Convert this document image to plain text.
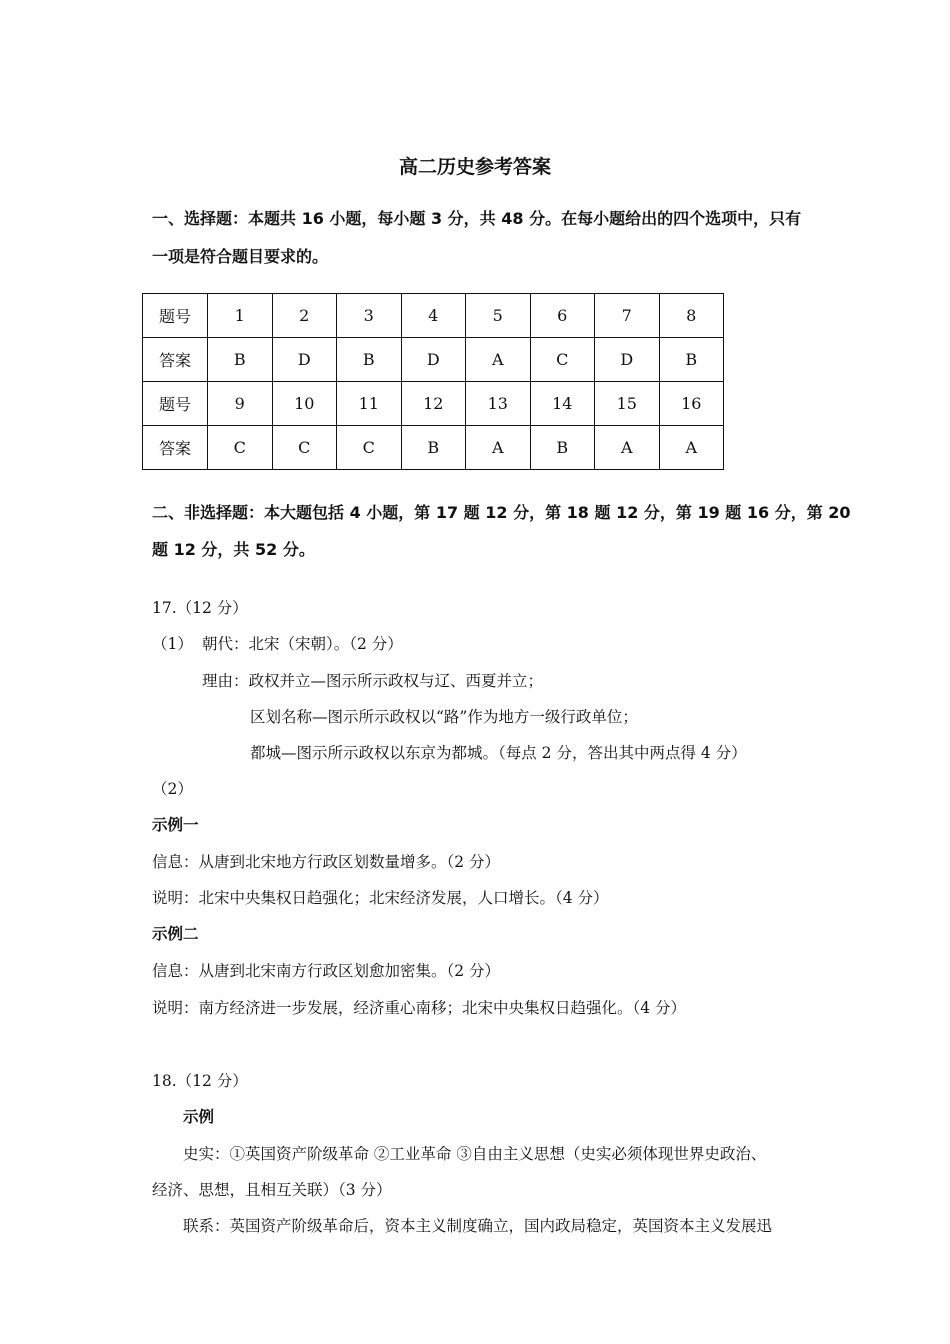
高二历史参考答案
一、选择题：本题共 16 小题，每小题 3 分，共 48 分。在每小题给出的四个选项中，只有
一项是符合题目要求的。
题号	1	2	3	4	5	6	7	8
答案	B	D	B	D	A	C	D	B
题号	9	10	11	12	13	14	15	16
答案	C	C	C	B	A	B	A	A
二、非选择题：本大题包括 4 小题，第 17 题 12 分，第 18 题 12 分，第 19 题 16 分，第 20
题 12 分，共 52 分。
17.（12 分）
（1） 朝代：北宋（宋朝）。（2 分）
理由：政权并立—图示所示政权与辽、西夏并立；
区划名称—图示所示政权以“路”作为地方一级行政单位；
都城—图示所示政权以东京为都城。（每点 2 分，答出其中两点得 4 分）
（2）
示例一
信息：从唐到北宋地方行政区划数量增多。（2 分）
说明：北宋中央集权日趋强化；北宋经济发展，人口增长。（4 分）
示例二
信息：从唐到北宋南方行政区划愈加密集。（2 分）
说明：南方经济进一步发展，经济重心南移；北宋中央集权日趋强化。（4 分）
18.（12 分）
示例
史实：①英国资产阶级革命 ②工业革命 ③自由主义思想（史实必须体现世界史政治、
经济、思想，且相互关联）（3 分）
联系：英国资产阶级革命后，资本主义制度确立，国内政局稳定，英国资本主义发展迅
